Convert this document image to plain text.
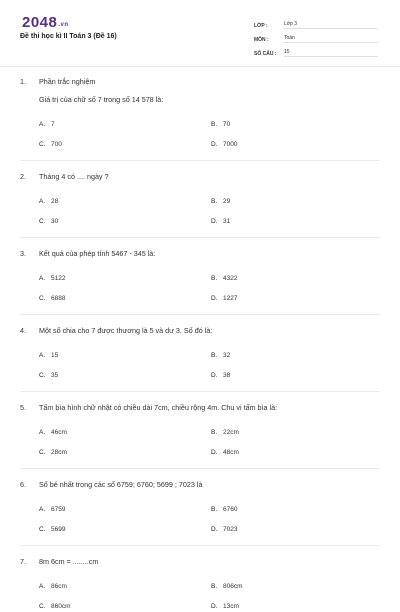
2048.vn
Đề thi học kì II Toán 3 (Đề 16)
LỚP :	Lớp 3
MÔN :	Toán
SỐ CÂU :	15
1.	Phần trắc nghiệm
Giá trị của chữ số 7 trong số 14 578 là:
A. 7	B. 70
C. 700	D. 7000
2.	Tháng 4 có .... ngày ?
A. 28	B. 29
C. 30	D. 31
3.	Kết quả của phép tính 5467 - 345 là:
A. 5122	B. 4322
C. 6888	D. 1227
4.	Một số chia cho 7 được thương là 5 và dư 3. Số đó là:
A. 15	B. 32
C. 35	D. 38
5.	Tấm bìa hình chữ nhật có chiều dài 7cm, chiều rộng 4m. Chu vi tấm bìa là:
A. 46cm	B. 22cm
C. 28cm	D. 48cm
6.	Số bé nhất trong các số 6759; 6760; 5699 ; 7023 là
A. 6759	B. 6760
C. 5699	D. 7023
7.	8m 6cm = ........cm
A. 86cm	B. 806cm
C. 860cm	D. 13cm
